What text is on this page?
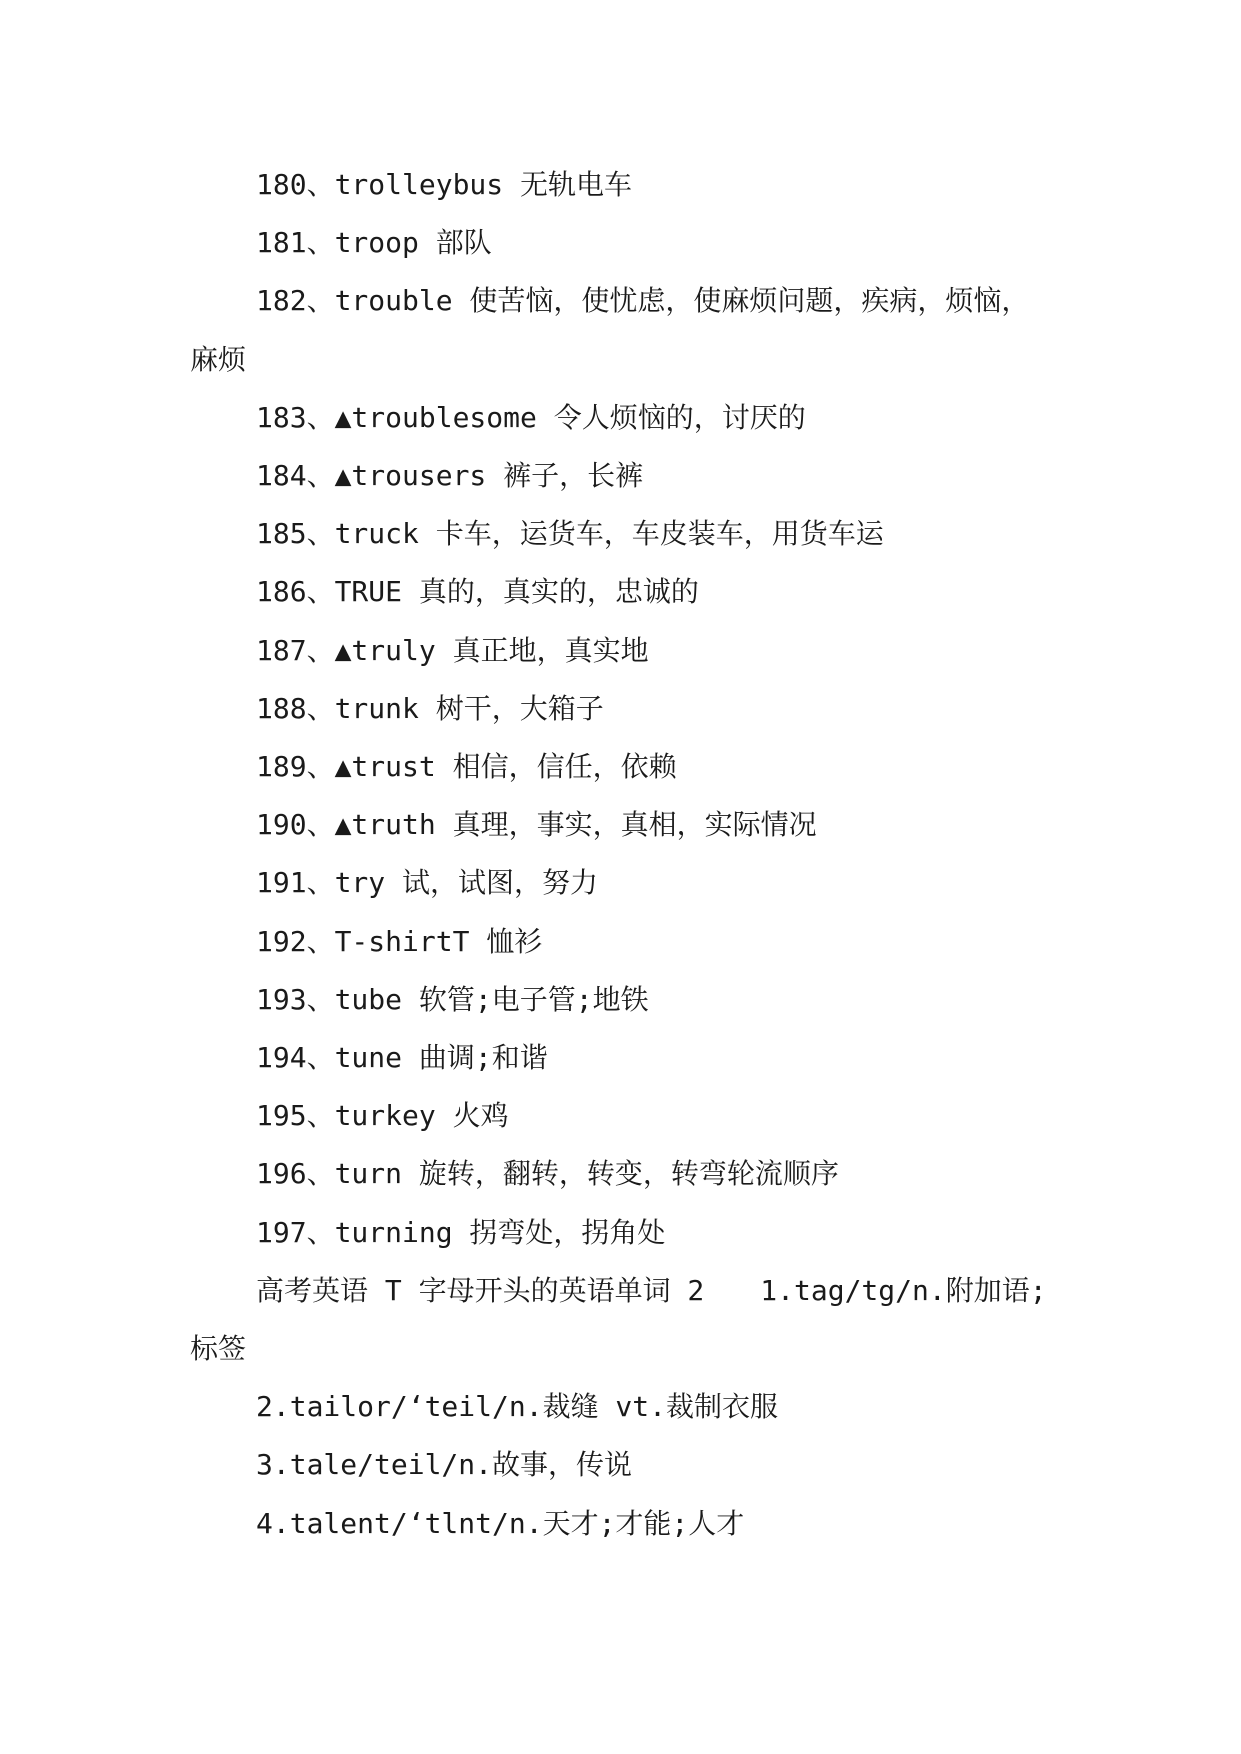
180、trolleybus 无轨电车

181、troop 部队

182、trouble 使苦恼，使忧虑，使麻烦问题，疾病，烦恼，麻烦

183、▲troublesome 令人烦恼的，讨厌的

184、▲trousers 裤子，长裤

185、truck 卡车，运货车，车皮装车，用货车运

186、TRUE 真的，真实的，忠诚的

187、▲truly 真正地，真实地

188、trunk 树干，大箱子

189、▲trust 相信，信任，依赖

190、▲truth 真理，事实，真相，实际情况

191、try 试，试图，努力

192、T-shirtT 恤衫

193、tube 软管;电子管;地铁

194、tune 曲调;和谐

195、turkey 火鸡

196、turn 旋转，翻转，转变，转弯轮流顺序

197、turning 拐弯处，拐角处

高考英语 T 字母开头的英语单词 2　　1.tag/tg/n.附加语;标签

2.tailor/‘teil/n.裁缝 vt.裁制衣服

3.tale/teil/n.故事，传说

4.talent/‘tlnt/n.天才;才能;人才
